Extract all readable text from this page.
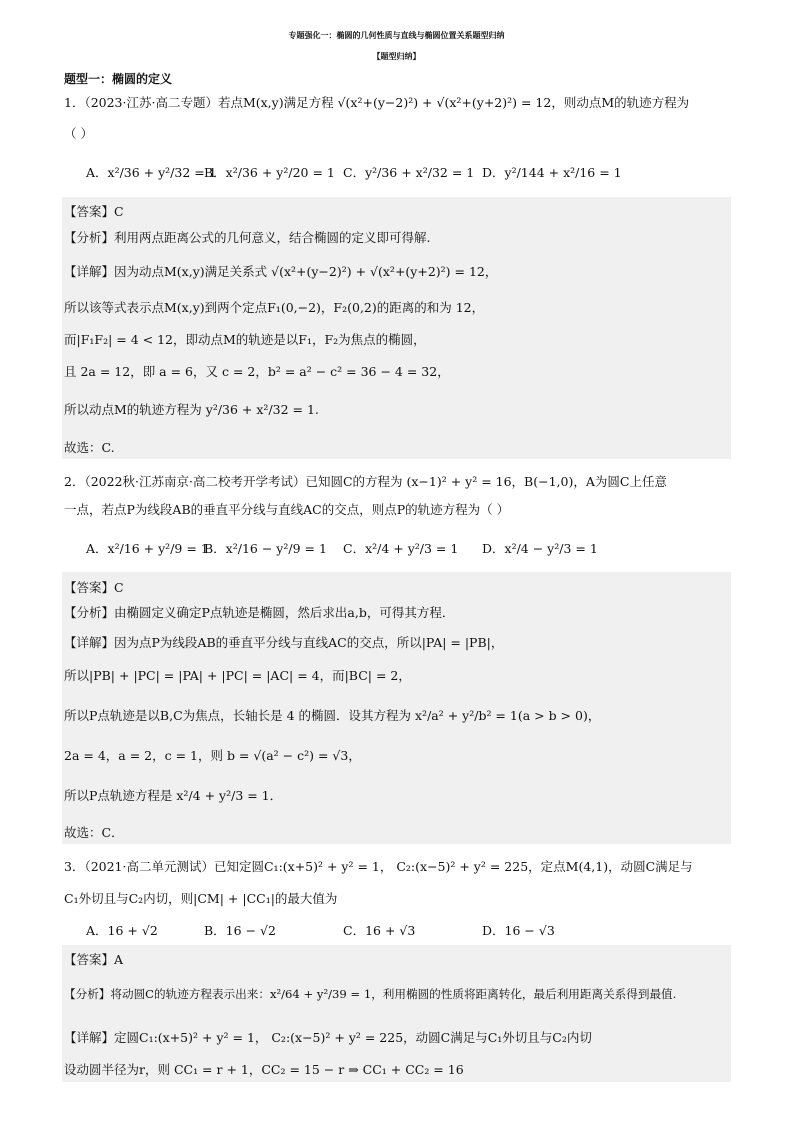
专题强化一：椭圆的几何性质与直线与椭圆位置关系题型归纳
【题型归纳】
题型一：椭圆的定义
1．（2023·江苏·高二专题）若点M(x,y)满足方程 √(x²+(y−2)²) + √(x²+(y+2)²) = 12，则动点M的轨迹方程为
（ ）
A．x²/36 + y²/32 = 1
B．x²/36 + y²/20 = 1 C．y²/36 + x²/32 = 1 D．y²/144 + x²/16 = 1
【答案】C
【分析】利用两点距离公式的几何意义，结合椭圆的定义即可得解.
【详解】因为动点M(x,y)满足关系式 √(x²+(y−2)²) + √(x²+(y+2)²) = 12，
所以该等式表示点M(x,y)到两个定点F₁(0,−2)，F₂(0,2)的距离的和为 12，
而|F₁F₂| = 4 < 12，即动点M的轨迹是以F₁，F₂为焦点的椭圆，
且 2a = 12，即 a = 6，又 c = 2，b² = a² − c² = 36 − 4 = 32，
所以动点M的轨迹方程为 y²/36 + x²/32 = 1.
故选：C.
2．（2022秋·江苏南京·高二校考开学考试）已知圆C的方程为 (x−1)² + y² = 16，B(−1,0)，A为圆C上任意
一点，若点P为线段AB的垂直平分线与直线AC的交点，则点P的轨迹方程为（ ）
A．x²/16 + y²/9 = 1
B．x²/16 − y²/9 = 1 C．x²/4 + y²/3 = 1 D．x²/4 − y²/3 = 1
【答案】C
【分析】由椭圆定义确定P点轨迹是椭圆，然后求出a,b，可得其方程．
【详解】因为点P为线段AB的垂直平分线与直线AC的交点，所以|PA| = |PB|，
所以|PB| + |PC| = |PA| + |PC| = |AC| = 4，而|BC| = 2，
所以P点轨迹是以B,C为焦点，长轴长是 4 的椭圆．设其方程为 x²/a² + y²/b² = 1(a > b > 0)，
2a = 4，a = 2，c = 1，则 b = √(a² − c²) = √3，
所以P点轨迹方程是 x²/4 + y²/3 = 1．
故选：C．
3．（2021·高二单元测试）已知定圆C₁:(x+5)² + y² = 1， C₂:(x−5)² + y² = 225，定点M(4,1)，动圆C满足与
C₁外切且与C₂内切，则|CM| + |CC₁|的最大值为
A．16 + √2	B．16 − √2	C．16 + √3	D．16 − √3
【答案】A
【分析】将动圆C的轨迹方程表示出来：x²/64 + y²/39 = 1，利用椭圆的性质将距离转化，最后利用距离关系得到最值.
【详解】定圆C₁:(x+5)² + y² = 1， C₂:(x−5)² + y² = 225，动圆C满足与C₁外切且与C₂内切
设动圆半径为r，则 CC₁ = r + 1，CC₂ = 15 − r ⇒ CC₁ + CC₂ = 16
